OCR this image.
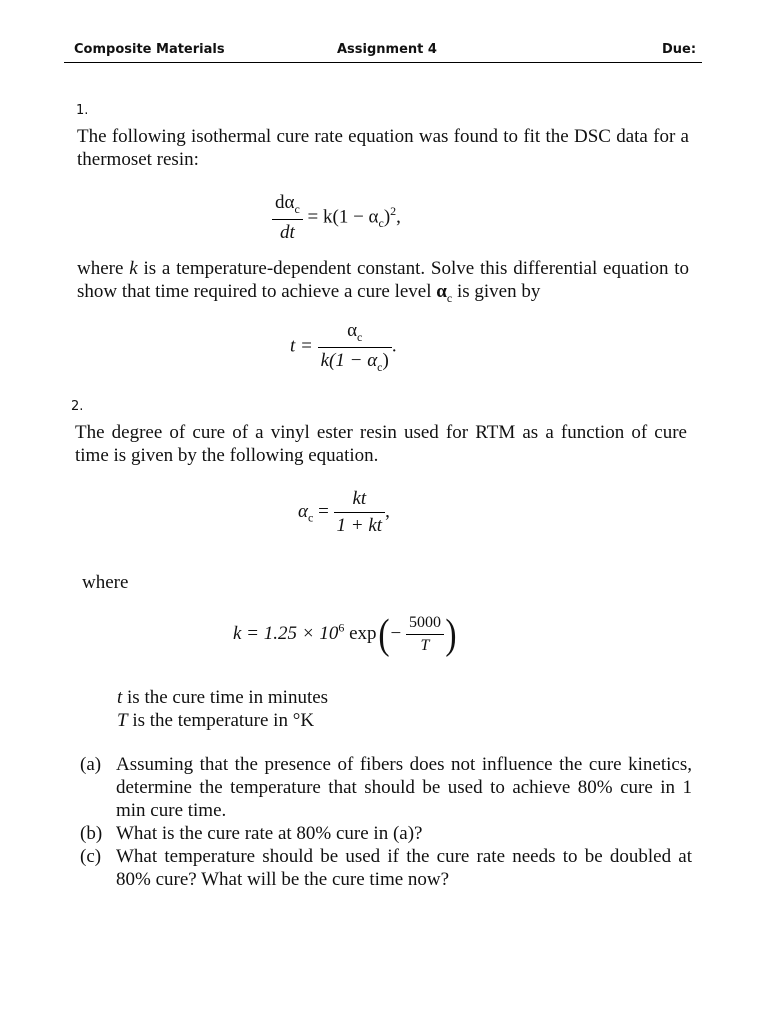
Composite Materials	Assignment 4	Due:
1.
The following isothermal cure rate equation was found to fit the DSC data for a thermoset resin:
$\frac{d\alpha_c}{dt} = k(1 - \alpha_c)^2$,
where k is a temperature-dependent constant. Solve this differential equation to show that time required to achieve a cure level $\alpha_c$ is given by
$t = \frac{\alpha_c}{k(1 - \alpha_c)}$ .
2.
The degree of cure of a vinyl ester resin used for RTM as a function of cure time is given by the following equation.
$\alpha_c = \frac{kt}{1 + kt}$ ,
where
$k = 1.25 \times 10^6$ $\exp(- \frac{5000}{T}$ )
t is the cure time in minutes
T is the temperature in °K
(a) Assuming that the presence of fibers does not influence the cure kinetics, determine the temperature that should be used to achieve 80% cure in 1 min cure time.
(b) What is the cure rate at 80% cure in (a)?
(c) What temperature should be used if the cure rate needs to be doubled at 80% cure? What will be the cure time now?
